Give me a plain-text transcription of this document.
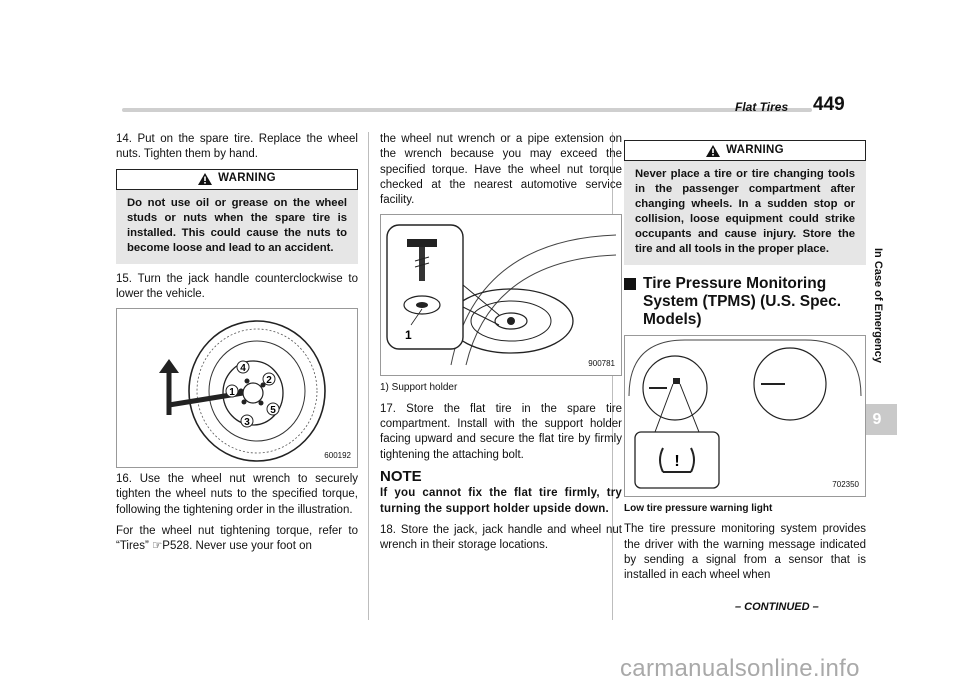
Flat Tires 449
In Case of Emergency
9

14. Put on the spare tire. Replace the wheel nuts. Tighten them by hand.

WARNING
Do not use oil or grease on the wheel studs or nuts when the spare tire is installed. This could cause the nuts to become loose and lead to an accident.

15. Turn the jack handle counterclockwise to lower the vehicle.

1
2
3
4
5
600192

16. Use the wheel nut wrench to securely tighten the wheel nuts to the specified torque, following the tightening order in the illustration.

For the wheel nut tightening torque, refer to “Tires” ☞P528. Never use your foot on

the wheel nut wrench or a pipe extension on the wrench because you may exceed the specified torque. Have the wheel nut torque checked at the nearest automotive service facility.

1
900781
1) Support holder

17. Store the flat tire in the spare tire compartment. Install with the support holder facing upward and secure the flat tire by firmly tightening the attaching bolt.

NOTE

If you cannot fix the flat tire firmly, try turning the support holder upside down.

18. Store the jack, jack handle and wheel nut wrench in their storage locations.

WARNING
Never place a tire or tire changing tools in the passenger compartment after changing wheels. In a sudden stop or collision, loose equipment could strike occupants and cause injury. Store the tire and all tools in the proper place.
Tire Pressure Monitoring System (TPMS) (U.S. Spec. Models)
!
702350
Low tire pressure warning light

The tire pressure monitoring system provides the driver with the warning message indicated by sending a signal from a sensor that is installed in each wheel when

– CONTINUED –
carmanualsonline.info
